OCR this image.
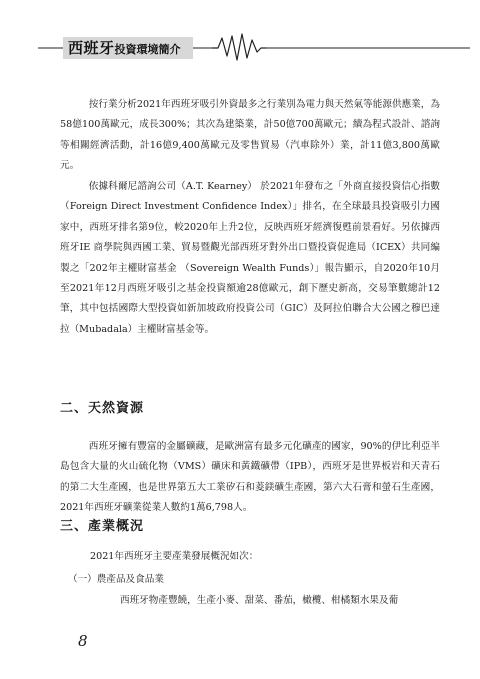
西班牙投資環境簡介

按行業分析2021年西班牙吸引外資最多之行業別為電力與天然氣等能源供應業，為58億100萬歐元，成長300%；其次為建築業，計50億700萬歐元；續為程式設計、諮詢等相關經濟活動，計16億9,400萬歐元及零售貿易（汽車除外）業，計11億3,800萬歐元。

依據科爾尼諮詢公司（A.T. Kearney） 於2021年發布之「外商直接投資信心指數（Foreign Direct Investment Confidence Index）」排名，在全球最具投資吸引力國家中，西班牙排名第9位，較2020年上升2位，反映西班牙經濟復甦前景看好。另依據西班牙IE 商學院與西國工業、貿易暨觀光部西班牙對外出口暨投資促進局（ICEX）共同編製之「202年主權財富基金 （Sovereign Wealth Funds）」報告顯示，自2020年10月至2021年12月西班牙吸引之基金投資額逾28億歐元，創下歷史新高，交易筆數總計12筆，其中包括國際大型投資如新加坡政府投資公司（GIC）及阿拉伯聯合大公國之穆巴達拉（Mubadala）主權財富基金等。

二、天然資源

西班牙擁有豐富的金屬礦藏，是歐洲富有最多元化礦產的國家，90%的伊比利亞半島包含大量的火山硫化物（VMS）礦床和黃鐵礦帶（IPB），西班牙是世界板岩和天青石的第二大生產國，也是世界第五大工業矽石和菱鎂礦生產國，第六大石膏和螢石生產國，2021年西班牙礦業從業人數約1萬6,798人。

三、產業概況

2021年西班牙主要產業發展概況如次：

（一）農產品及食品業

西班牙物產豐饒，生產小麥、甜菜、番茄，橄欖、柑橘類水果及葡

8
